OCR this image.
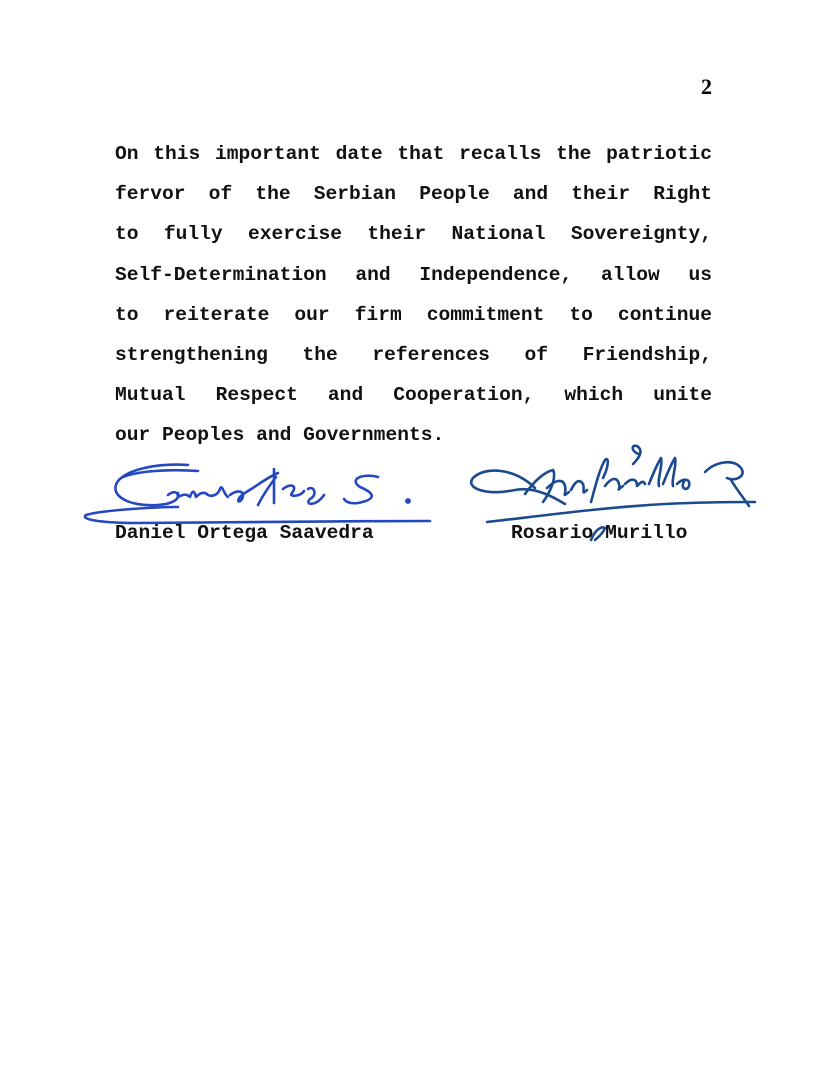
2
On this important date that recalls the patriotic
fervor of the Serbian People and their Right
to fully exercise their National Sovereignty,
Self-Determination and Independence, allow us
to reiterate our firm commitment to continue
strengthening the references of Friendship,
Mutual Respect and Cooperation, which unite
our Peoples and Governments.
Daniel Ortega Saavedra	Rosario Murillo
